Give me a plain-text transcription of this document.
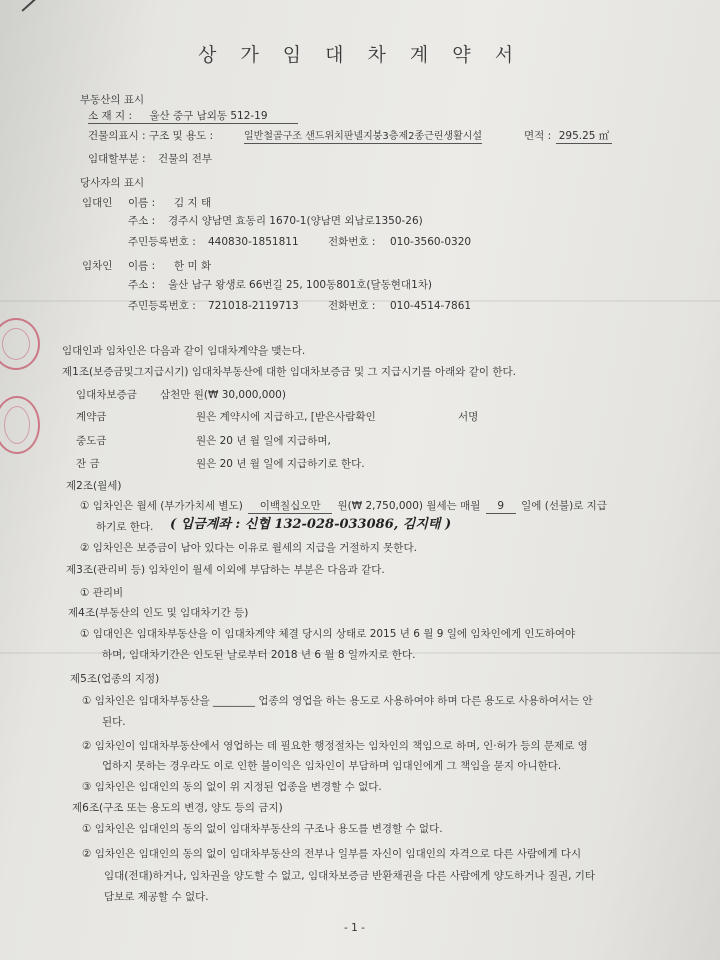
상 가 임 대 차 계 약 서
부동산의 표시
소 재 지 : 울산 중구 남외동 512-19
건물의표시 : 구조 및 용도 :	일반철골구조 샌드위치판넬지붕3층제2종근린생활시설	면적 : 295.25 ㎡
임대할부분 : 건물의 전부
당사자의 표시
임대인 이름 : 김 지 태
주소 : 경주시 양남면 효동리 1670-1(양남면 외남로1350-26)
주민등록번호 : 440830-1851811	전화번호 : 010-3560-0320
임차인 이름 : 한 미 화
주소 : 울산 남구 왕생로 66번길 25, 100동801호(달동현대1차)
주민등록번호 : 721018-2119713	전화번호 : 010-4514-7861
임대인과 임차인은 다음과 같이 임대차계약을 맺는다.
제1조(보증금및그지급시기) 임대차부동산에 대한 임대차보증금 및 그 지급시기를 아래와 같이 한다.
임대차보증금 삼천만 원(₩ 30,000,000)
계약금	원은 계약시에 지급하고, [받은사람확인	서명
중도금	원은 20 년 월 일에 지급하며,
잔 금	원은 20 년 월 일에 지급하기로 한다.
제2조(월세)
① 임차인은 월세 (부가가치세 별도) 이백칠십오만 원(₩ 2,750,000) 월세는 매월 9 일에 (선불)로 지급
하기로 한다. ( 입금계좌 : 신협 132-028-033086, 김지태 )
② 임차인은 보증금이 남아 있다는 이유로 월세의 지급을 거절하지 못한다.
제3조(관리비 등) 임차인이 월세 이외에 부담하는 부분은 다음과 같다.
① 관리비
제4조(부동산의 인도 및 임대차기간 등)
① 임대인은 임대차부동산을 이 임대차계약 체결 당시의 상태로 2015 년 6 월 9 일에 임차인에게 인도하여야
하며, 임대차기간은 인도된 날로부터 2018 년 6 월 8 일까지로 한다.
제5조(업종의 지정)
① 임차인은 임대차부동산을 ________ 업종의 영업을 하는 용도로 사용하여야 하며 다른 용도로 사용하여서는 안
된다.
② 임차인이 임대차부동산에서 영업하는 데 필요한 행정절차는 임차인의 책임으로 하며, 인·허가 등의 문제로 영
업하지 못하는 경우라도 이로 인한 불이익은 임차인이 부담하며 임대인에게 그 책임을 묻지 아니한다.
③ 임차인은 임대인의 동의 없이 위 지정된 업종을 변경할 수 없다.
제6조(구조 또는 용도의 변경, 양도 등의 금지)
① 임차인은 임대인의 동의 없이 임대차부동산의 구조나 용도를 변경할 수 없다.
② 임차인은 임대인의 동의 없이 임대차부동산의 전부나 일부를 자신이 임대인의 자격으로 다른 사람에게 다시
임대(전대)하거나, 임차권을 양도할 수 없고, 임대차보증금 반환채권을 다른 사람에게 양도하거나 질권, 기타
담보로 제공할 수 없다.
- 1 -
